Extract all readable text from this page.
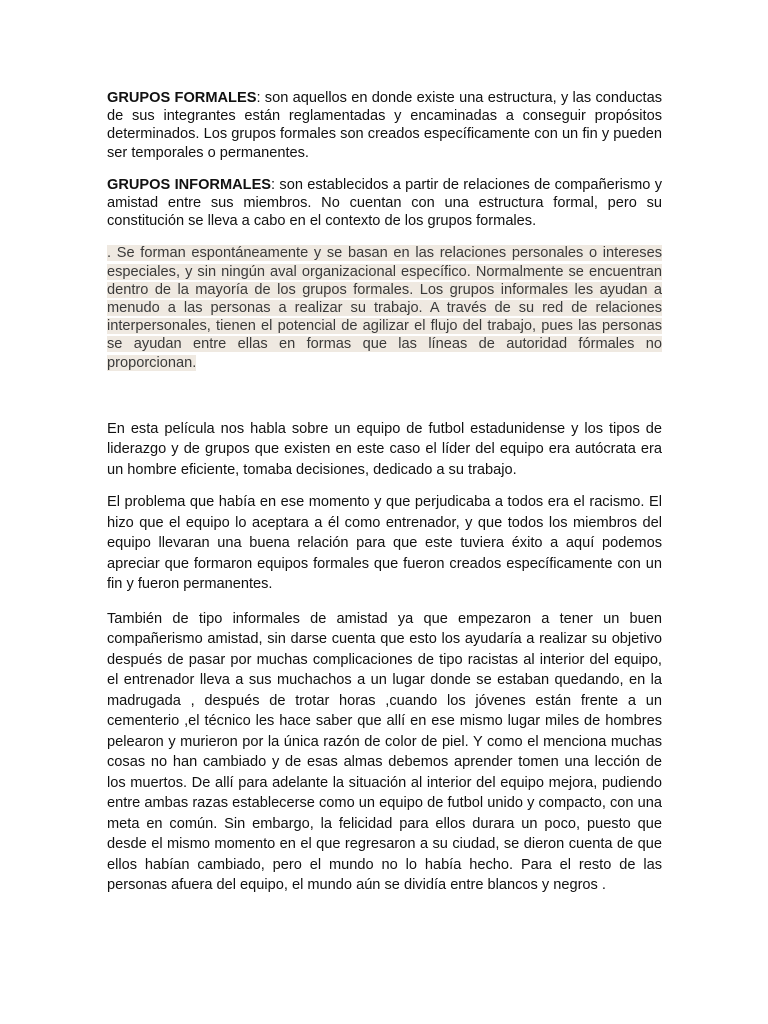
GRUPOS FORMALES: son aquellos en donde existe una estructura, y las conductas de sus integrantes están reglamentadas y encaminadas a conseguir propósitos determinados. Los grupos formales son creados específicamente con un fin y pueden ser temporales o permanentes.

GRUPOS INFORMALES: son establecidos a partir de relaciones de compañerismo y amistad entre sus miembros. No cuentan con una estructura formal, pero su constitución se lleva a cabo en el contexto de los grupos formales.

. Se forman espontáneamente y se basan en las relaciones personales o intereses especiales, y sin ningún aval organizacional específico. Normalmente se encuentran dentro de la mayoría de los grupos formales. Los grupos informales les ayudan a menudo a las personas a realizar su trabajo. A través de su red de relaciones interpersonales, tienen el potencial de agilizar el flujo del trabajo, pues las personas se ayudan entre ellas en formas que las líneas de autoridad fórmales no proporcionan.

En esta película nos habla sobre un equipo de futbol estadunidense y los tipos de liderazgo y de grupos que existen en este caso el líder del equipo era autócrata era un hombre eficiente, tomaba decisiones, dedicado a su trabajo.

El problema que había en ese momento y que perjudicaba a todos era el racismo. El hizo que el equipo lo aceptara a él como entrenador, y que todos los miembros del equipo llevaran una buena relación para que este tuviera éxito a aquí podemos apreciar que formaron equipos formales que fueron creados específicamente con un fin y fueron permanentes.

También de tipo informales de amistad ya que empezaron a tener un buen compañerismo amistad, sin darse cuenta que esto los ayudaría a realizar su objetivo después de pasar por muchas complicaciones de tipo racistas al interior del equipo, el entrenador lleva a sus muchachos a un lugar donde se estaban quedando, en la madrugada , después de trotar horas ,cuando los jóvenes están frente a un cementerio ,el técnico les hace saber que allí en ese mismo lugar miles de hombres pelearon y murieron por la única razón de color de piel. Y como el menciona muchas cosas no han cambiado y de esas almas debemos aprender tomen una lección de los muertos. De allí para adelante la situación al interior del equipo mejora, pudiendo entre ambas razas establecerse como un equipo de futbol unido y compacto, con una meta en común. Sin embargo, la felicidad para ellos durara un poco, puesto que desde el mismo momento en el que regresaron a su ciudad, se dieron cuenta de que ellos habían cambiado, pero el mundo no lo había hecho. Para el resto de las personas afuera del equipo, el mundo aún se dividía entre blancos y negros .
